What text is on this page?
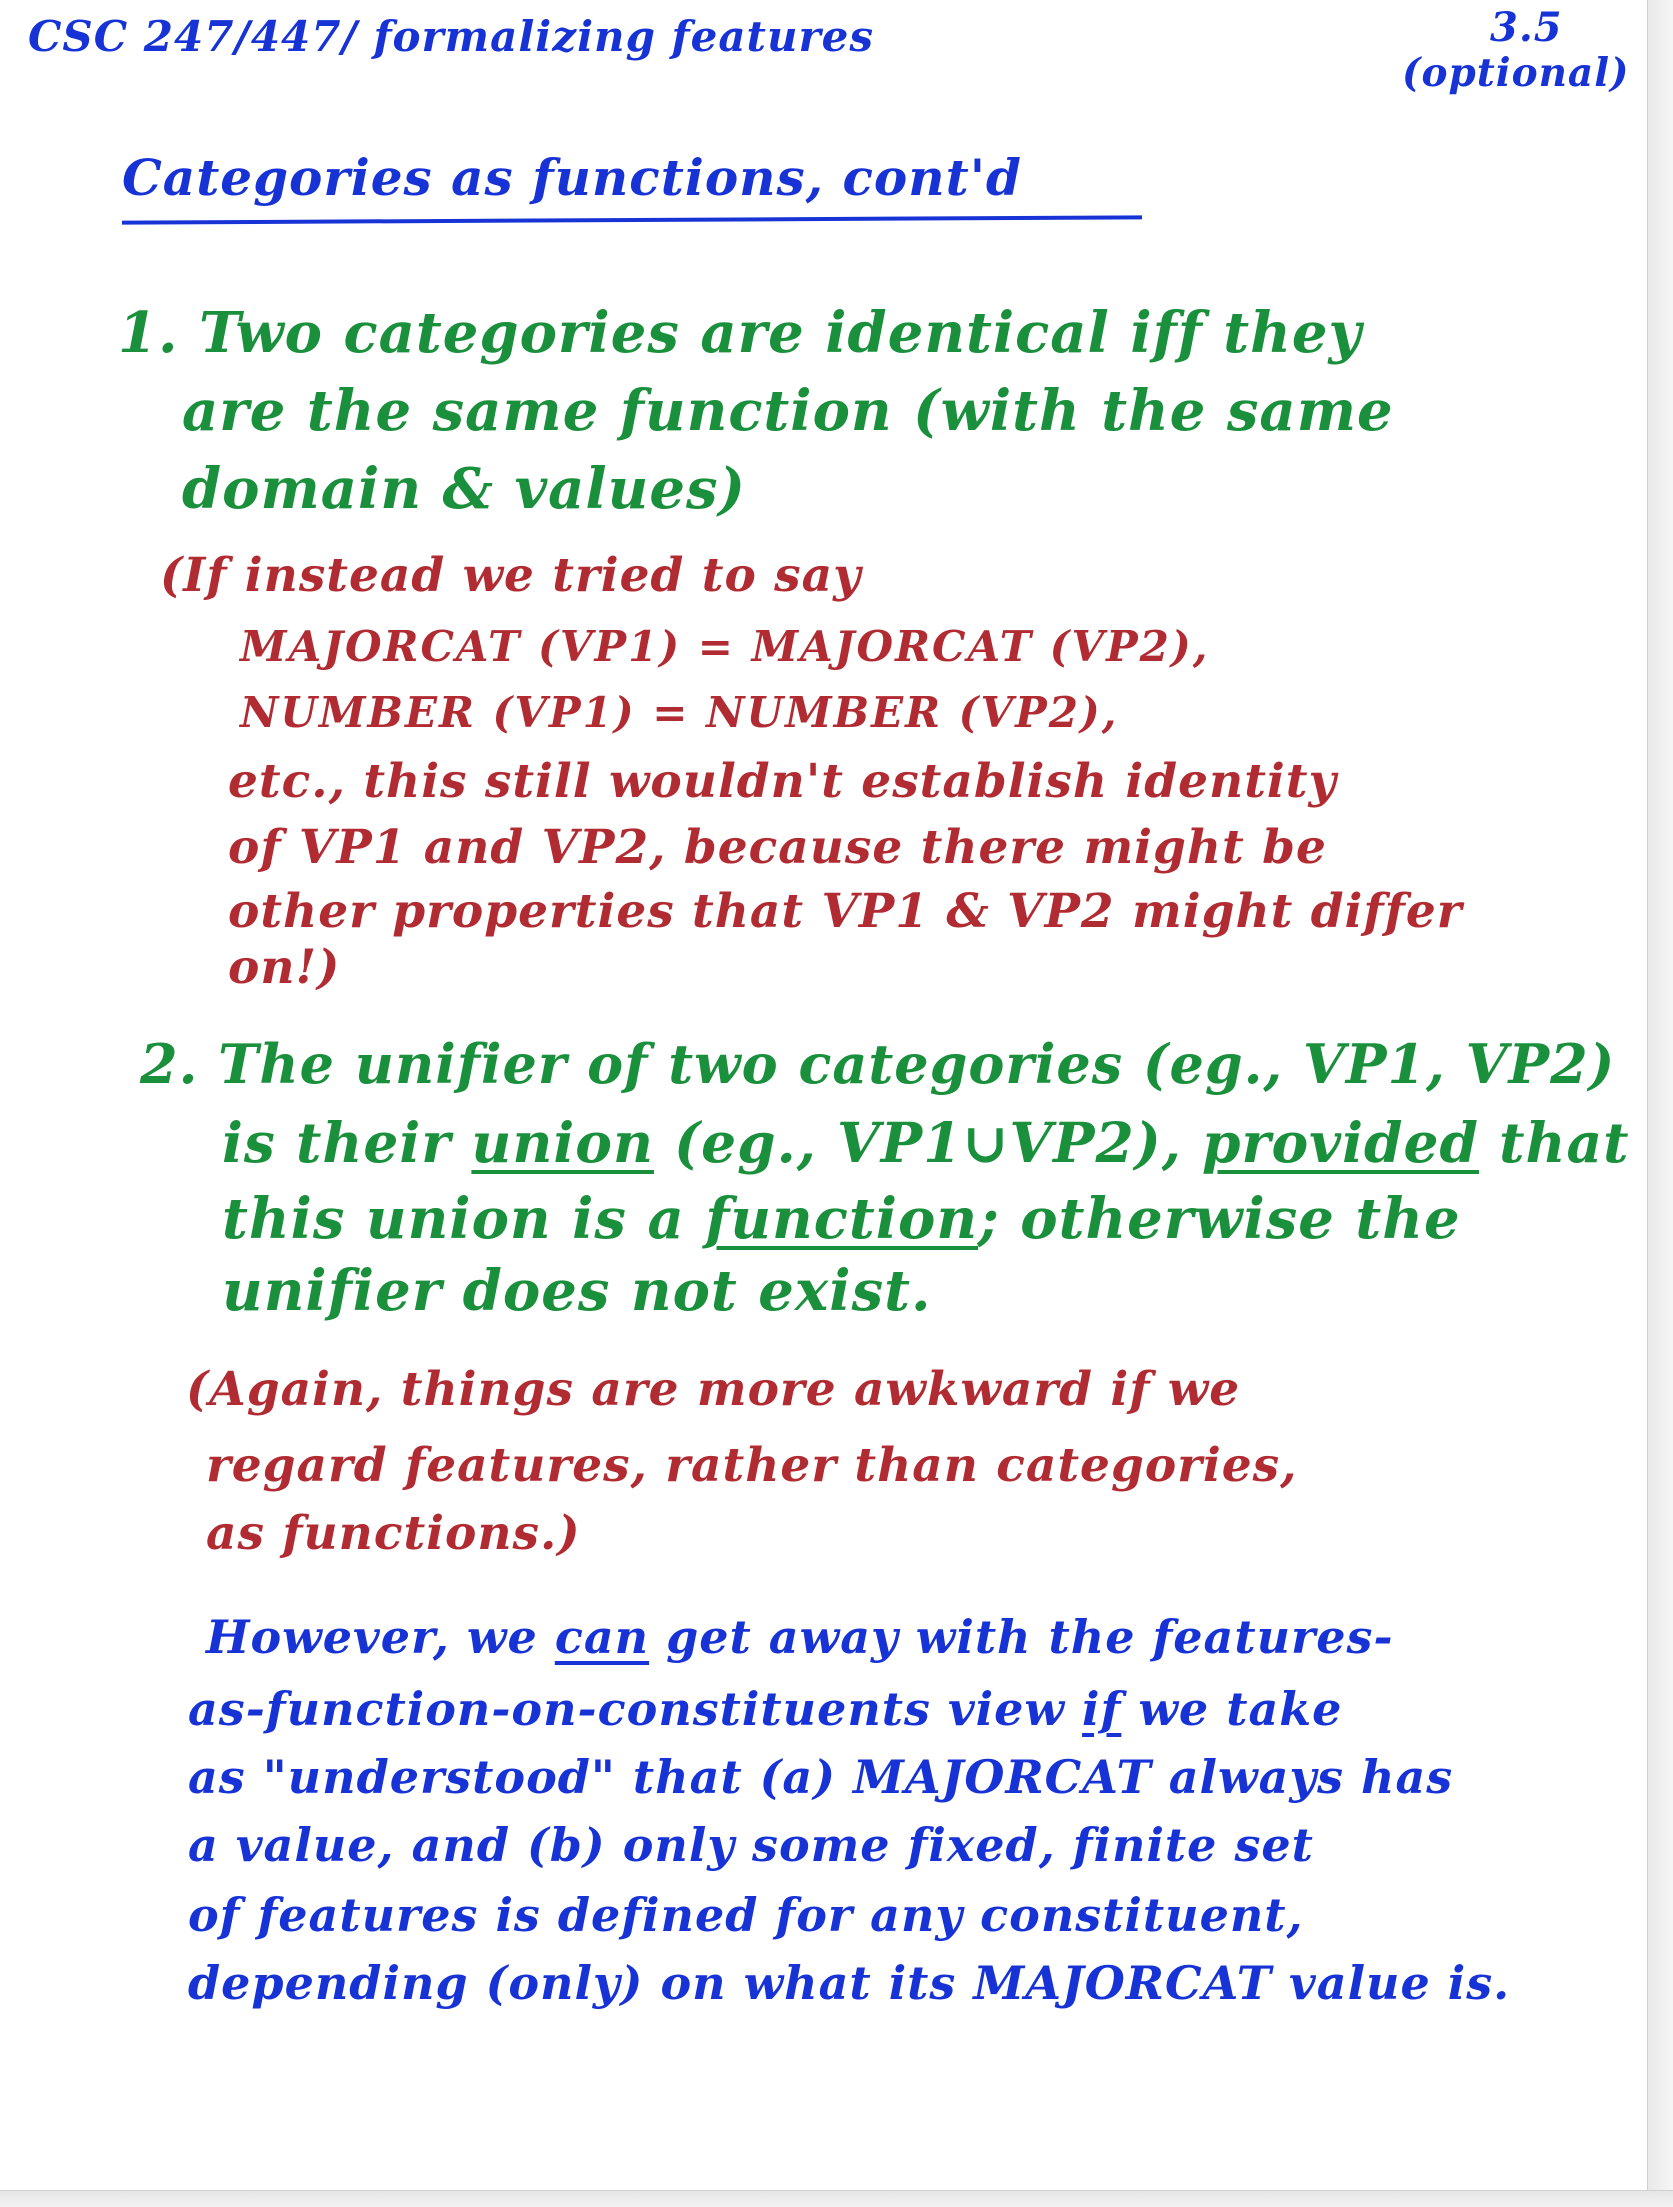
CSC 247/447/ formalizing features	3.5
(optional)
Categories as functions, cont'd
1. Two categories are identical iff they
are the same function (with the same
domain & values)
(If instead we tried to say
MAJORCAT (VP1) = MAJORCAT (VP2),
NUMBER (VP1) = NUMBER (VP2),
etc., this still wouldn't establish identity
of VP1 and VP2, because there might be
other properties that VP1 & VP2 might differ
on!)
2. The unifier of two categories (eg., VP1, VP2)
is their union (eg., VP1∪VP2), provided that
this union is a function; otherwise the
unifier does not exist.
(Again, things are more awkward if we
regard features, rather than categories,
as functions.)
However, we can get away with the features-
as-function-on-constituents view if we take
as "understood" that (a) MAJORCAT always has
a value, and (b) only some fixed, finite set
of features is defined for any constituent,
depending (only) on what its MAJORCAT value is.
